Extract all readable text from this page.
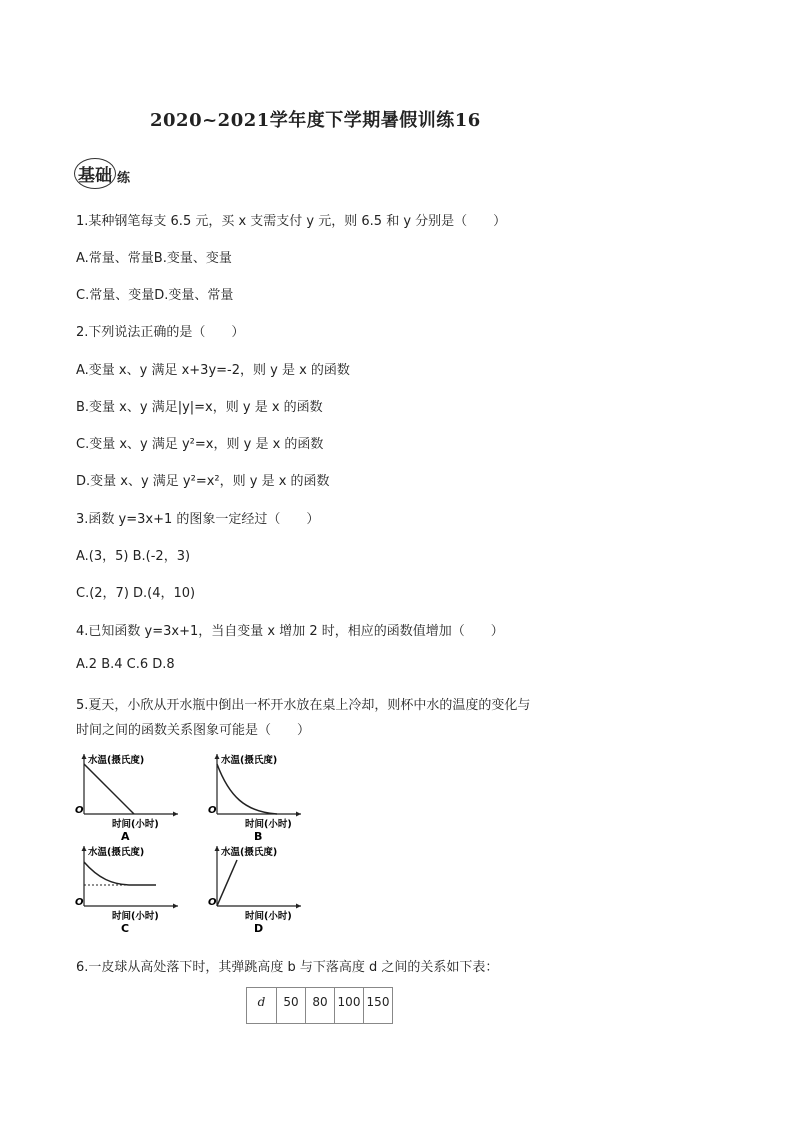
2020~2021学年度下学期暑假训练16
基础 练
1.某种钢笔每支 6.5 元，买 x 支需支付 y 元，则 6.5 和 y 分别是（　　）
A.常量、常量B.变量、变量
C.常量、变量D.变量、常量
2.下列说法正确的是（　　）
A.变量 x、y 满足 x+3y=-2，则 y 是 x 的函数
B.变量 x、y 满足|y|=x，则 y 是 x 的函数
C.变量 x、y 满足 y²=x，则 y 是 x 的函数
D.变量 x、y 满足 y²=x²，则 y 是 x 的函数
3.函数 y=3x+1 的图象一定经过（　　）
A.(3，5) B.(-2，3)
C.(2，7) D.(4，10)
4.已知函数 y=3x+1，当自变量 x 增加 2 时，相应的函数值增加（　　）
A.2 B.4 C.6 D.8
5.夏天，小欣从开水瓶中倒出一杯开水放在桌上冷却，则杯中水的温度的变化与
时间之间的函数关系图象可能是（　　）
水温(摄氏度)
O
时间(小时)
A
水温(摄氏度)
O
时间(小时)
B
水温(摄氏度)
O
时间(小时)
C
水温(摄氏度)
O
时间(小时)
D
6.一皮球从高处落下时，其弹跳高度 b 与下落高度 d 之间的关系如下表：
d	50	80	100	150
